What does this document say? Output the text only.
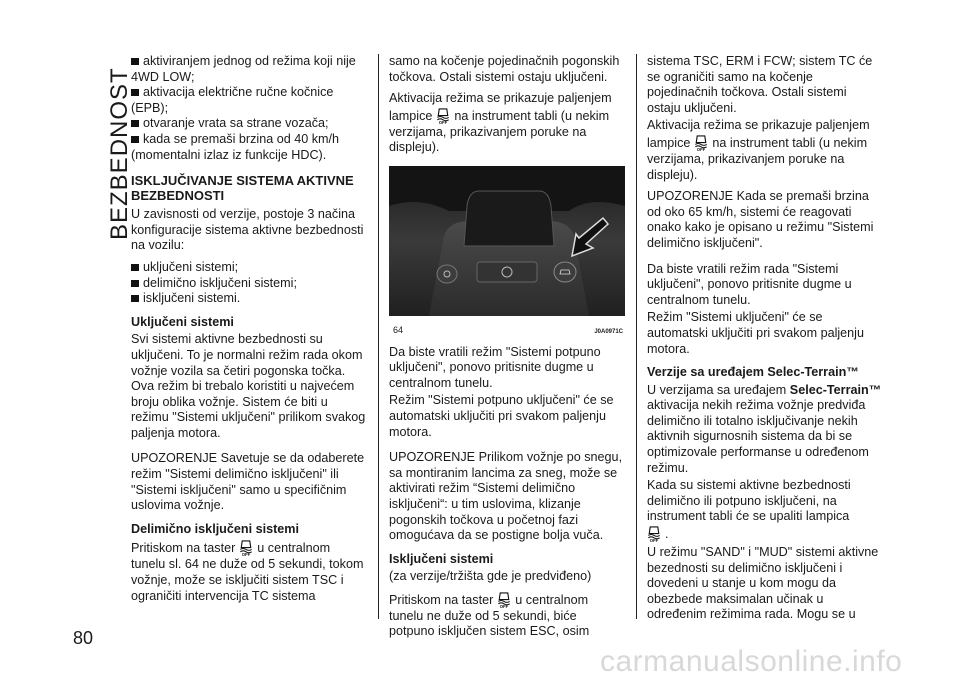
BEZBEDNOST
80
aktiviranjem jednog od režima koji nije 4WD LOW;
aktivacija električne ručne kočnice (EPB);
otvaranje vrata sa strane vozača;
kada se premaši brzina od 40 km/h (momentalni izlaz iz funkcije HDC).
ISKLJUČIVANJE SISTEMA AKTIVNE BEZBEDNOSTI

U zavisnosti od verzije, postoje 3 načina konfiguracije sistema aktivne bezbednosti na vozilu:

uključeni sistemi;
delimično isključeni sistemi;
isključeni sistemi.
Uključeni sistemi

Svi sistemi aktivne bezbednosti su uključeni. To je normalni režim rada okom vožnje vozila sa četiri pogonska točka.

Ova režim bi trebalo koristiti u najvećem broju oblika vožnje. Sistem će biti u režimu "Sistemi uključeni" prilikom svakog paljenja motora.

UPOZORENJE Savetuje se da odaberete režim "Sistemi delimično isključeni" ili "Sistemi isključeni" samo u specifičnim uslovima vožnje.

Delimično isključeni sistemi

Pritiskom na taster u centralnom tunelu sl. 64 ne duže od 5 sekundi, tokom vožnje, može se isključiti sistem TSC i ograničiti intervencija TC sistema

samo na kočenje pojedinačnih pogonskih točkova. Ostali sistemi ostaju uključeni.

Aktivacija režima se prikazuje paljenjem lampice na instrument tabli (u nekim verzijama, prikazivanjem poruke na displeju).

64	J0A0971C

Da biste vratili režim "Sistemi potpuno uključeni", ponovo pritisnite dugme u centralnom tunelu.

Režim "Sistemi potpuno uključeni" će se automatski uključiti pri svakom paljenju motora.

UPOZORENJE Prilikom vožnje po snegu, sa montiranim lancima za sneg, može se aktivirati režim “Sistemi delimično isključeni“: u tim uslovima, klizanje pogonskih točkova u početnoj fazi omogućava da se postigne bolja vuča.

Isključeni sistemi

(za verzije/tržišta gde je predviđeno)

Pritiskom na taster u centralnom tunelu ne duže od 5 sekundi, biće potpuno isključen sistem ESC, osim

sistema TSC, ERM i FCW; sistem TC će se ograničiti samo na kočenje pojedinačnih točkova. Ostali sistemi ostaju uključeni.

Aktivacija režima se prikazuje paljenjem lampice na instrument tabli (u nekim verzijama, prikazivanjem poruke na displeju).

UPOZORENJE Kada se premaši brzina od oko 65 km/h, sistemi će reagovati onako kako je opisano u režimu "Sistemi delimično isključeni".

Da biste vratili režim rada "Sistemi uključeni", ponovo pritisnite dugme u centralnom tunelu.

Režim "Sistemi uključeni" će se automatski uključiti pri svakom paljenju motora.

Verzije sa uređajem Selec-Terrain™

U verzijama sa uređajem Selec-Terrain™ aktivacija nekih režima vožnje predviđa delimično ili totalno isključivanje nekih aktivnih sigurnosnih sistema da bi se optimizovale performanse u određenom režimu.

Kada su sistemi aktivne bezbednosti delimično ili potpuno isključeni, na instrument tabli će se upaliti lampica
.

U režimu "SAND" i "MUD" sistemi aktivne bezednosti su delimično isključeni i dovedeni u stanje u kom mogu da obezbede maksimalan učinak u određenim režimima rada. Mogu se u

carmanualsonline.info
